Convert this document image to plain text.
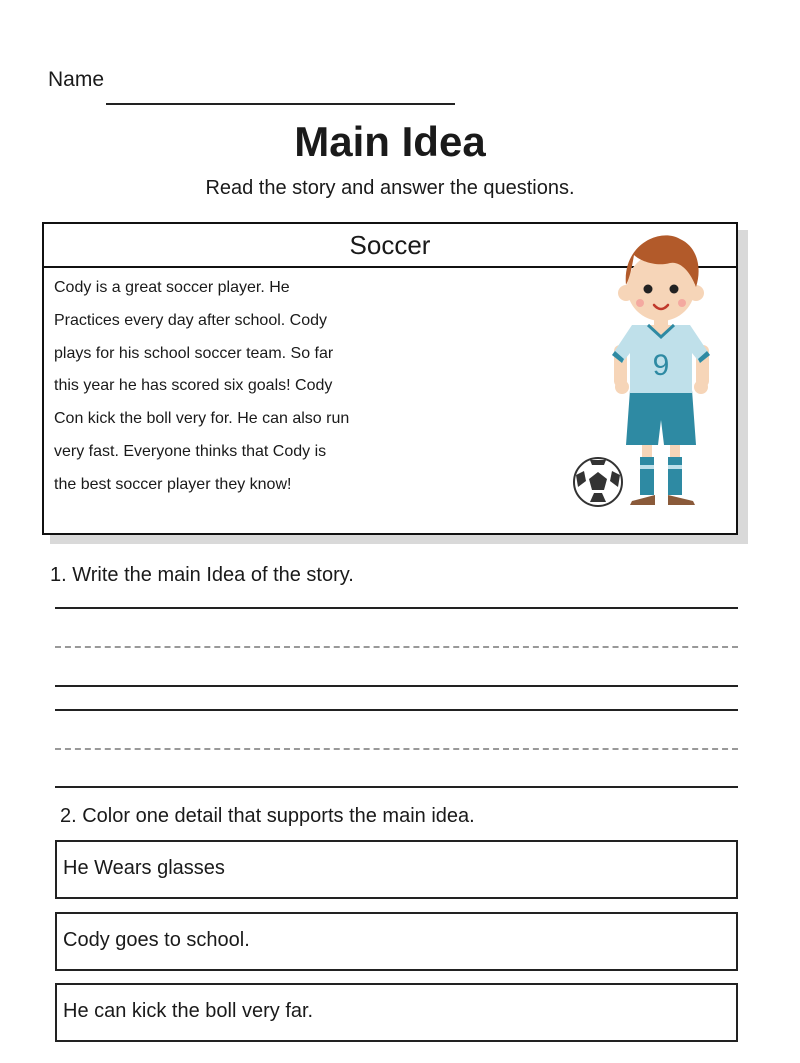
Name
Main Idea
Read the story and answer the questions.
Soccer

Cody is a great soccer player. He
Practices every day after school. Cody
plays for his school soccer team. So far
this year he has scored six goals! Cody
Con kick the boll very for. He can also run
very fast. Everyone thinks that Cody is
the best soccer player they know!

9
1. Write the main Idea of the story.
2. Color one detail that supports the main idea.
He Wears glasses
Cody goes to school.
He can kick the boll very far.
